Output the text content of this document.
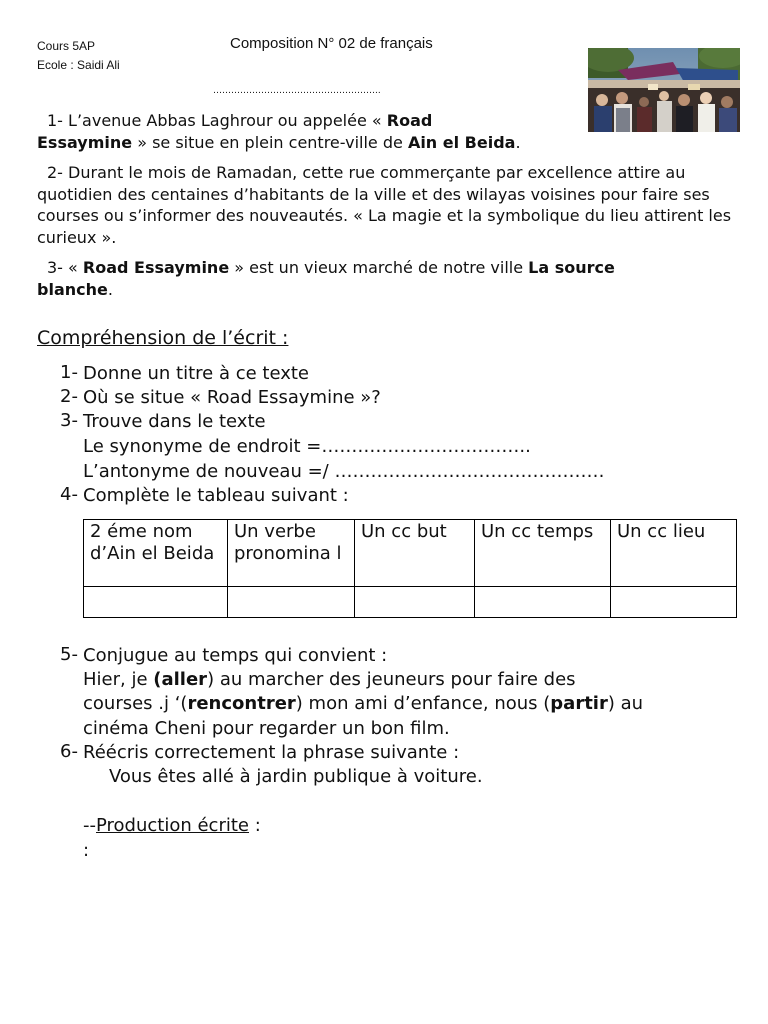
Cours 5AP
Ecole : Saidi Ali
Composition N° 02 de français
………………………………………………..
1- L’avenue Abbas Laghrour ou appelée « Road
Essaymine » se situe en plein centre-ville de Ain el Beida.
2- Durant le mois de Ramadan, cette rue commerçante par excellence attire au quotidien des centaines d’habitants de la ville et des wilayas voisines pour faire ses courses ou s’informer des nouveautés. « La magie et la symbolique du lieu attirent les curieux ».
3- « Road Essaymine » est un vieux marché de notre ville La source
blanche.
Compréhension de l’écrit :
1- Donne un titre à ce texte
2- Où se situe « Road Essaymine »?
3- Trouve dans le texte
Le synonyme de endroit =……………………………..
L’antonyme de nouveau =/ ………………………………………
4- Complète le tableau suivant :
2 éme nom d’Ain el Beida	Un verbe pronomina l	Un cc but	Un cc temps	Un cc lieu

5- Conjugue au temps qui convient :
Hier, je (aller) au marcher des jeuneurs pour faire des
courses .j ‘(rencontrer) mon ami d’enfance, nous (partir) au
cinéma Cheni pour regarder un bon film.
6- Réécris correctement la phrase suivante :
Vous êtes allé à jardin publique à voiture.
--Production écrite :
:
